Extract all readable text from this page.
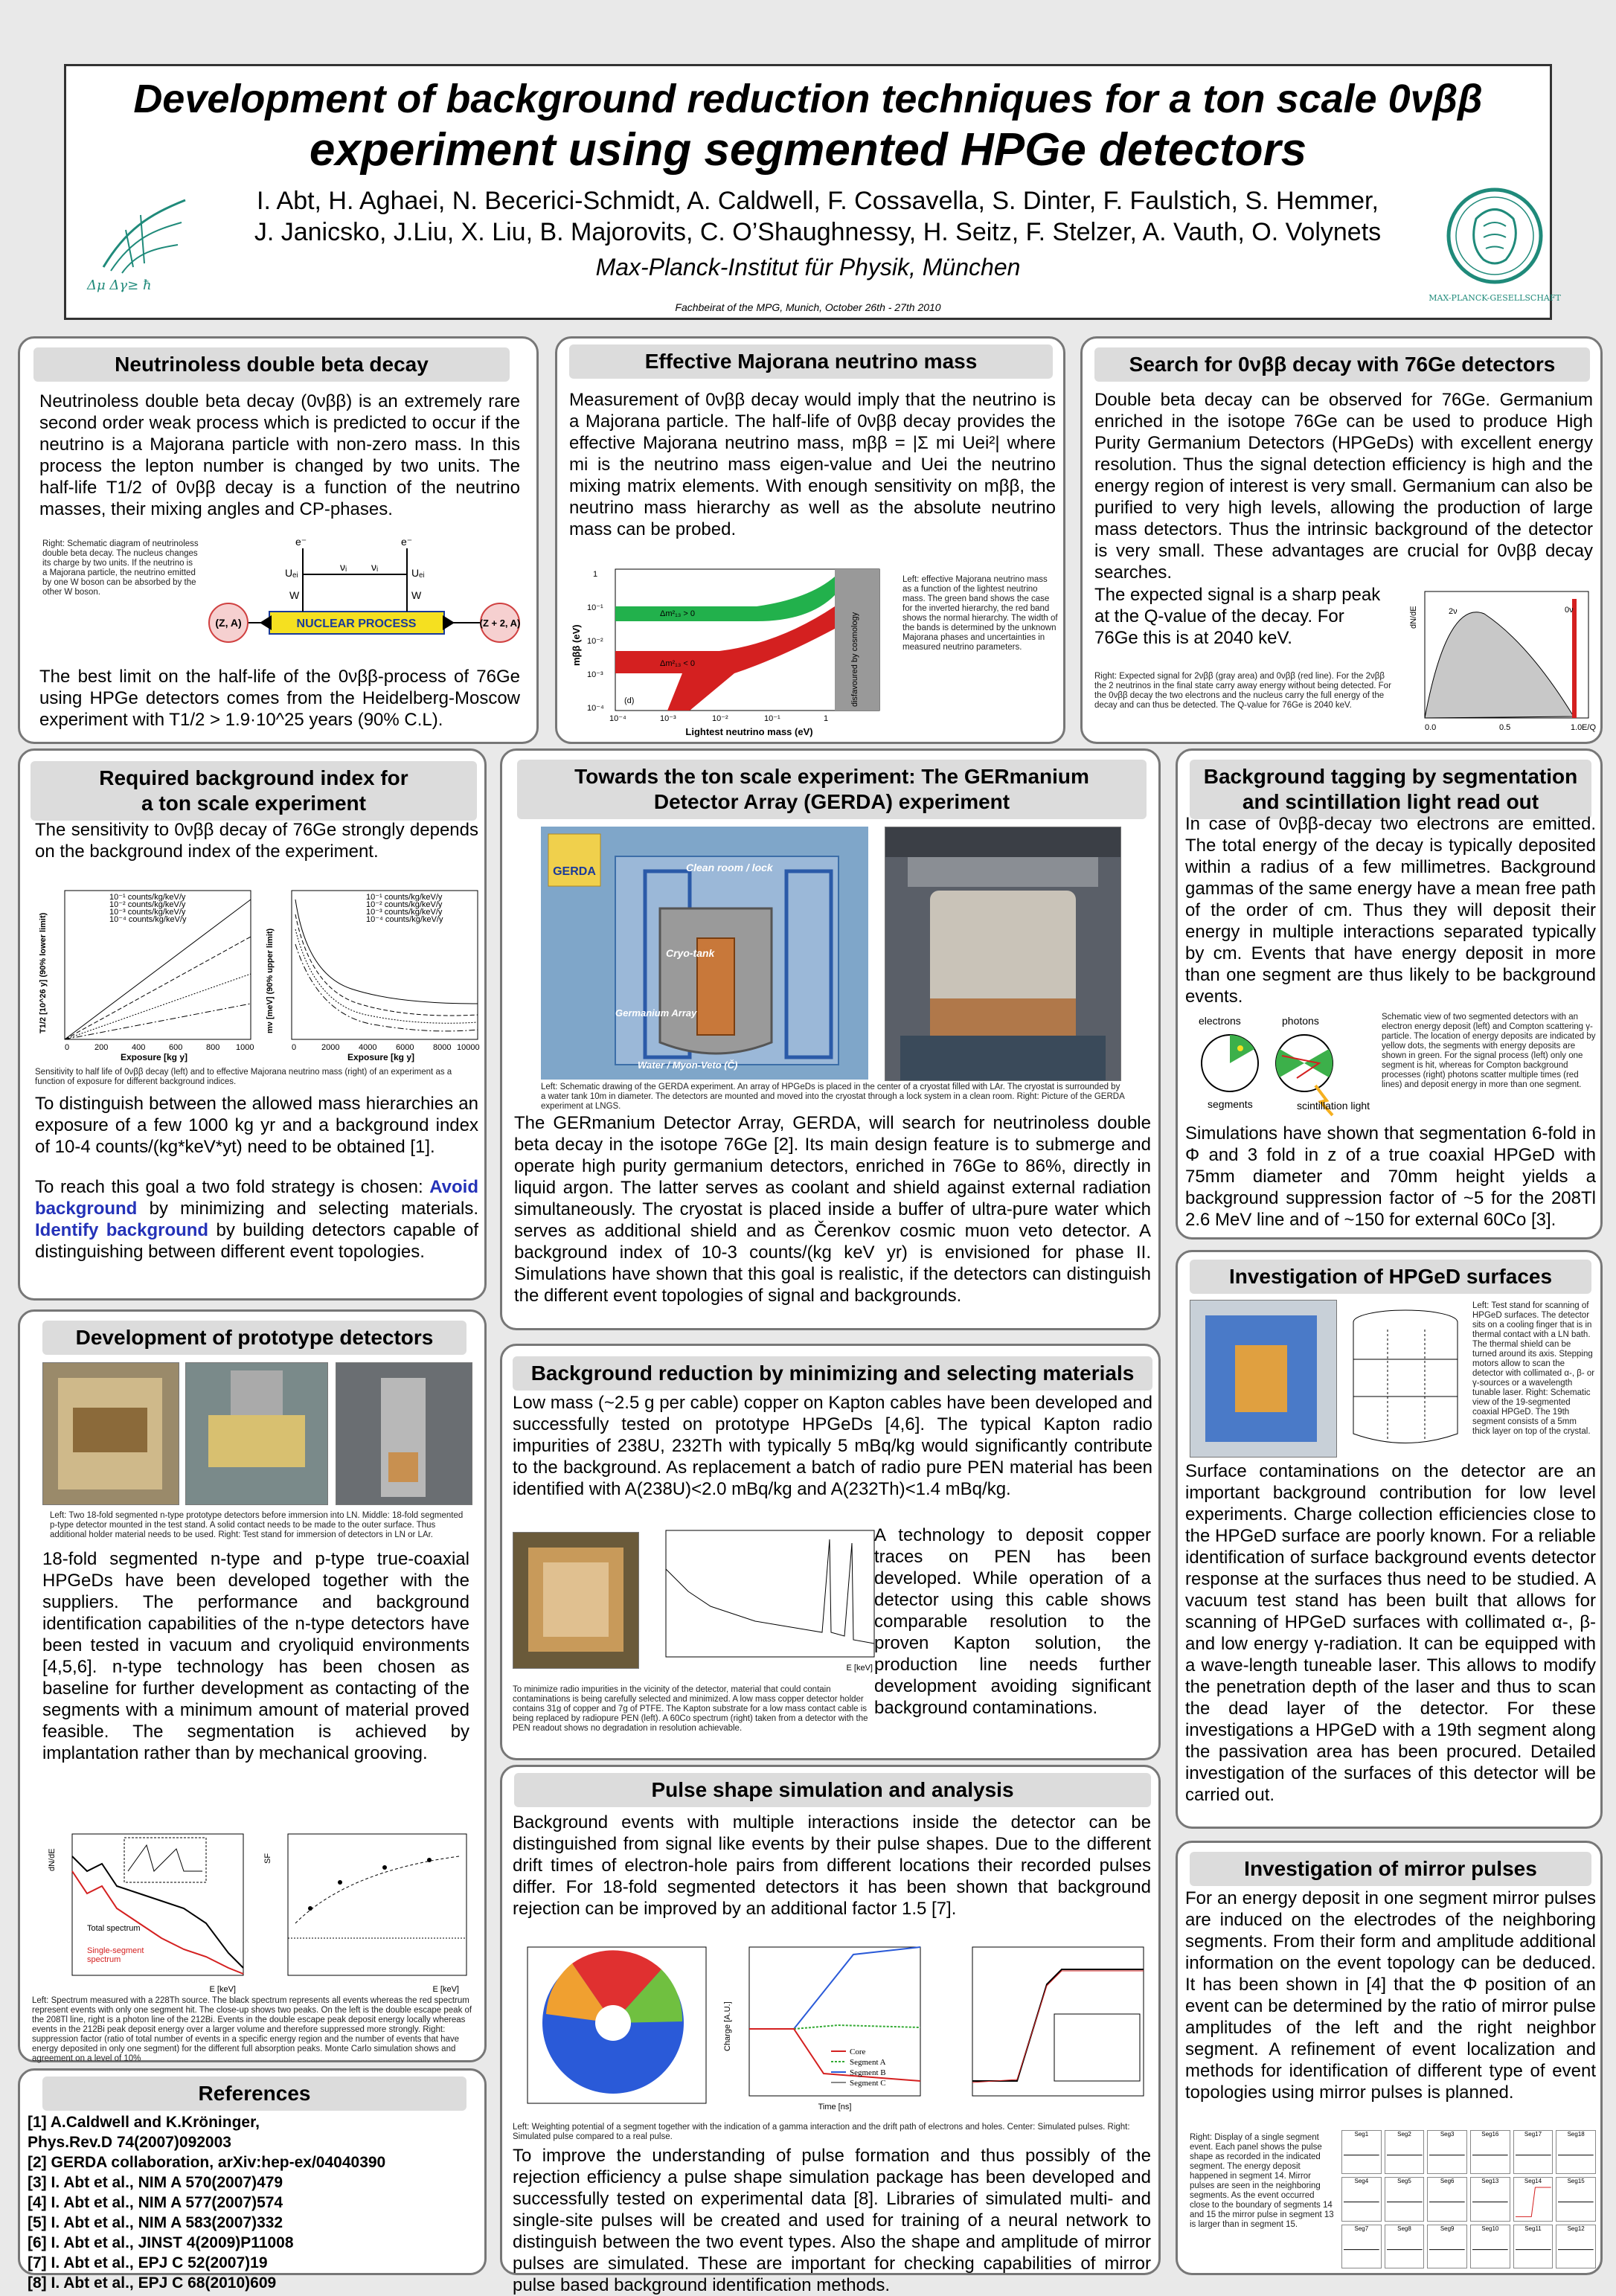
Development of background reduction techniques for a ton scale 0νββ
experiment using segmented HPGe detectors
I. Abt, H. Aghaei, N. Becerici-Schmidt, A. Caldwell, F. Cossavella, S. Dinter, F. Faulstich, S. Hemmer,
J. Janicsko, J.Liu, X. Liu, B. Majorovits, C. O’Shaughnessy, H. Seitz, F. Stelzer, A. Vauth, O. Volynets
Max-Planck-Institut für Physik, München
Fachbeirat of the MPG, Munich, October 26th - 27th 2010
Δμ Δγ≥ ħ
MAX-PLANCK-GESELLSCHAFT
Neutrinoless double beta decay
Neutrinoless double beta decay (0νββ) is an extremely rare second order weak process which is predicted to occur if the neutrino is a Majorana particle with non-zero mass. In this process the lepton number is changed by two units. The half-life T1/2 of 0νββ decay is a function of the neutrino masses, their mixing angles and CP-phases.
Right: Schematic diagram of neutrinoless double beta decay. The nucleus changes its charge by two units. If the neutrino is a Majorana particle, the neutrino emitted by one W boson can be absorbed by the other W boson.
e⁻	e⁻
Uₑᵢ	Uₑᵢ
W	W
νᵢ νᵢ
NUCLEAR PROCESS
(Z, A)	(Z + 2, A)
The best limit on the half-life of the 0νββ-process of 76Ge using HPGe detectors comes from the Heidelberg-Moscow experiment with T1/2 > 1.9·10^25 years (90% C.L).
Effective Majorana neutrino mass
Measurement of 0νββ decay would imply that the neutrino is a Majorana particle. The half-life of 0νββ decay provides the effective Majorana neutrino mass, mββ = |Σ mi Uei²| where mi is the neutrino mass eigen-value and Uei the neutrino mixing matrix elements. With enough sensitivity on mββ, the neutrino mass hierarchy as well as the absolute neutrino mass can be probed.
Δm²₁₃ > 0
Δm²₁₃ < 0	disfavoured by cosmology
(d)
1
10⁻¹
10⁻²
10⁻³
10⁻⁴
10⁻⁴	10⁻³	10⁻²	10⁻¹	1
Lightest neutrino mass (eV)
mββ (eV)
Left: effective Majorana neutrino mass as a function of the lightest neutrino mass. The green band shows the case for the inverted hierarchy, the red band shows the normal hierarchy. The width of the bands is determined by the unknown Majorana phases and uncertainties in measured neutrino parameters.
Search for 0νββ decay with 76Ge detectors
Double beta decay can be observed for 76Ge. Germanium enriched in the isotope 76Ge can be used to produce High Purity Germanium Detectors (HPGeDs) with excellent energy resolution. Thus the signal detection efficiency is high and the energy region of interest is very small. Germanium can also be purified to very high levels, allowing the production of large mass detectors. Thus the intrinsic background of the detector is very small. These advantages are crucial for 0νββ decay searches.
The expected signal is a sharp peak at the Q-value of the decay. For 76Ge this is at 2040 keV.
Right: Expected signal for 2νββ (gray area) and 0νββ (red line). For the 2νββ the 2 neutrinos in the final state carry away energy without being detected. For the 0νββ decay the two electrons and the nucleus carry the full energy of the decay and can thus be detected. The Q-value for 76Ge is 2040 keV.
2ν	0ν
0.0	0.5	1.0 E/Q
dN/dE
Required background index for
a ton scale experiment
The sensitivity to 0νββ decay of 76Ge strongly depends on the background index of the experiment.
10⁻¹ counts/kg/keV/y
10⁻² counts/kg/keV/y
10⁻³ counts/kg/keV/y
10⁻⁴ counts/kg/keV/y
0	200	400	600	800 1000
Exposure [kg y]
T1/2 [10^26 y] (90% lower limit)
10⁻¹ counts/kg/keV/y
10⁻² counts/kg/keV/y
10⁻³ counts/kg/keV/y
10⁻⁴ counts/kg/keV/y
0	2000 4000 6000 8000 10000
Exposure [kg y]
mν [meV] (90% upper limit)
Sensitivity to half life of 0νββ decay (left) and to effective Majorana neutrino mass (right) of an experiment as a function of exposure for different background indices.
To distinguish between the allowed mass hierarchies an exposure of a few 1000 kg yr and a background index of 10-4 counts/(kg*keV*yt) need to be obtained [1].
To reach this goal a two fold strategy is chosen: Avoid background by minimizing and selecting materials. Identify background by building detectors capable of distinguishing between different event topologies.
Towards the ton scale experiment: The GERmanium
Detector Array (GERDA) experiment
GERDA	Clean room / lock
Cryo-tank
Germanium Array
Water / Myon-Veto (Č)
Left: Schematic drawing of the GERDA experiment. An array of HPGeDs is placed in the center of a cryostat filled with LAr. The cryostat is surrounded by a water tank 10m in diameter. The detectors are mounted and moved into the cryostat through a lock system in a clean room. Right: Picture of the GERDA experiment at LNGS.
The GERmanium Detector Array, GERDA, will search for neutrinoless double beta decay in the isotope 76Ge [2]. Its main design feature is to submerge and operate high purity germanium detectors, enriched in 76Ge to 86%, directly in liquid argon. The latter serves as coolant and shield against external radiation simultaneously. The cryostat is placed inside a buffer of ultra-pure water which serves as additional shield and as Čerenkov cosmic muon veto detector. A background index of 10-3 counts/(kg keV yr) is envisioned for phase II. Simulations have shown that this goal is realistic, if the detectors can distinguish the different event topologies of signal and backgrounds.
Background tagging by segmentation
and scintillation light read out
In case of 0νββ-decay two electrons are emitted. The total energy of the decay is typically deposited within a radius of a few millimetres. Background gammas of the same energy have a mean free path of the order of cm. Thus they will deposit their energy in multiple interactions separated typically by cm. Events that have energy deposit in more than one segment are thus likely to be background events.
electrons	photons
segments	scintillation light
Schematic view of two segmented detectors with an electron energy deposit (left) and Compton scattering γ-particle. The location of energy deposits are indicated by yellow dots, the segments with energy deposits are shown in green. For the signal process (left) only one segment is hit, whereas for Compton background processes (right) photons scatter multiple times (red lines) and deposit energy in more than one segment.
Simulations have shown that segmentation 6-fold in Φ and 3 fold in z of a true coaxial HPGeD with 75mm diameter and 70mm height yields a background suppression factor of ~5 for the 208Tl 2.6 MeV line and of ~150 for external 60Co [3].
Development of prototype detectors
Left: Two 18-fold segmented n-type prototype detectors before immersion into LN. Middle: 18-fold segmented p-type detector mounted in the test stand. A solid contact needs to be made to the outer surface. Thus additional holder material needs to be used. Right: Test stand for immersion of detectors in LN or LAr.
18-fold segmented n-type and p-type true-coaxial HPGeDs have been developed together with the suppliers. The performance and background identification capabilities of the n-type detectors have been tested in vacuum and cryoliquid environments [4,5,6]. n-type technology has been chosen as baseline for further development as contacting of the segments with a minimum amount of material proved feasible. The segmentation is achieved by implantation rather than by mechanical grooving.
Total spectrum
Single-segment
spectrum
dN/dE
E [keV]
SF
E [keV]
Left: Spectrum measured with a 228Th source. The black spectrum represents all events whereas the red spectrum represent events with only one segment hit. The close-up shows two peaks. On the left is the double escape peak of the 208Tl line, right is a photon line of the 212Bi. Events in the double escape peak deposit energy locally whereas events in the 212Bi peak deposit energy over a larger volume and therefore suppressed more strongly. Right: suppression factor (ratio of total number of events in a specific energy region and the number of events that have energy deposited in only one segment) for the different full absorption peaks. Monte Carlo simulation shows and agreement on a level of 10%
Background reduction by minimizing and selecting materials
Low mass (~2.5 g per cable) copper on Kapton cables have been developed and successfully tested on prototype HPGeDs [4,6]. The typical Kapton radio impurities of 238U, 232Th with typically 5 mBq/kg would significantly contribute to the background. As replacement a batch of radio pure PEN material has been identified with A(238U)<2.0 mBq/kg and A(232Th)<1.4 mBq/kg.
E [keV]
To minimize radio impurities in the vicinity of the detector, material that could contain contaminations is being carefully selected and minimized. A low mass copper detector holder contains 31g of copper and 7g of PTFE. The Kapton substrate for a low mass contact cable is being replaced by radiopure PEN (left). A 60Co spectrum (right) taken from a detector with the PEN readout shows no degradation in resolution achievable.
A technology to deposit copper traces on PEN has been developed. While operation of a detector using this cable shows comparable resolution to the proven Kapton solution, the production line needs further development avoiding significant background contaminations.
Investigation of HPGeD surfaces
Left: Test stand for scanning of HPGeD surfaces. The detector sits on a cooling finger that is in thermal contact with a LN bath. The thermal shield can be turned around its axis. Stepping motors allow to scan the detector with collimated α-, β- or γ-sources or a wavelength tunable laser. Right: Schematic view of the 19-segmented coaxial HPGeD. The 19th segment consists of a 5mm thick layer on top of the crystal.
Surface contaminations on the detector are an important background contribution for low level experiments. Charge collection efficiencies close to the HPGeD surface are poorly known. For a reliable identification of surface background events detector response at the surfaces thus need to be studied. A vacuum test stand has been built that allows for scanning of HPGeD surfaces with collimated α-, β- and low energy γ-radiation. It can be equipped with a wave-length tuneable laser. This allows to modify the penetration depth of the laser and thus to scan the dead layer of the detector. For these investigations a HPGeD with a 19th segment along the passivation area has been procured. Detailed investigation of the surfaces of this detector will be carried out.
Pulse shape simulation and analysis
Background events with multiple interactions inside the detector can be distinguished from signal like events by their pulse shapes. Due to the different drift times of electron-hole pairs from different locations their recorded pulses differ. For 18-fold segmented detectors it has been shown that background rejection can be improved by an additional factor 1.5 [7].
Core
Segment A
Segment B
Segment C
Time [ns]
Charge [A.U.]
Left: Weighting potential of a segment together with the indication of a gamma interaction and the drift path of electrons and holes. Center: Simulated pulses. Right: Simulated pulse compared to a real pulse.
To improve the understanding of pulse formation and thus possibly of the rejection efficiency a pulse shape simulation package has been developed and successfully tested on experimental data [8]. Libraries of simulated multi- and single-site pulses will be created and used for training of a neural network to distinguish between the two event types. Also the shape and amplitude of mirror pulses are simulated. These are important for checking capabilities of mirror pulse based background identification methods.
Investigation of mirror pulses
For an energy deposit in one segment mirror pulses are induced on the electrodes of the neighboring segments. From their form and amplitude additional information on the event topology can be deduced. It has been shown in [4] that the Φ position of an event can be determined by the ratio of mirror pulse amplitudes of the left and the right neighbor segment. A refinement of event localization and methods for identification of different type of event topologies using mirror pulses is planned.
Right: Display of a single segment event. Each panel shows the pulse shape as recorded in the indicated segment. The energy deposit happened in segment 14. Mirror pulses are seen in the neighboring segments. As the event occurred close to the boundary of segments 14 and 15 the mirror pulse in segment 13 is larger than in segment 15.
Seg1	Seg2	Seg3	Seg16	Seg17	Seg18
Seg4	Seg5	Seg6	Seg13	Seg14	Seg15
Seg7	Seg8	Seg9	Seg10	Seg11	Seg12
References
[1] A.Caldwell and K.Kröninger,
Phys.Rev.D 74(2007)092003
[2] GERDA collaboration, arXiv:hep-ex/04040390
[3] I. Abt et al., NIM A 570(2007)479
[4] I. Abt et al., NIM A 577(2007)574
[5] I. Abt et al., NIM A 583(2007)332
[6] I. Abt et al., JINST 4(2009)P11008
[7] I. Abt et al., EPJ C 52(2007)19
[8] I. Abt et al., EPJ C 68(2010)609
